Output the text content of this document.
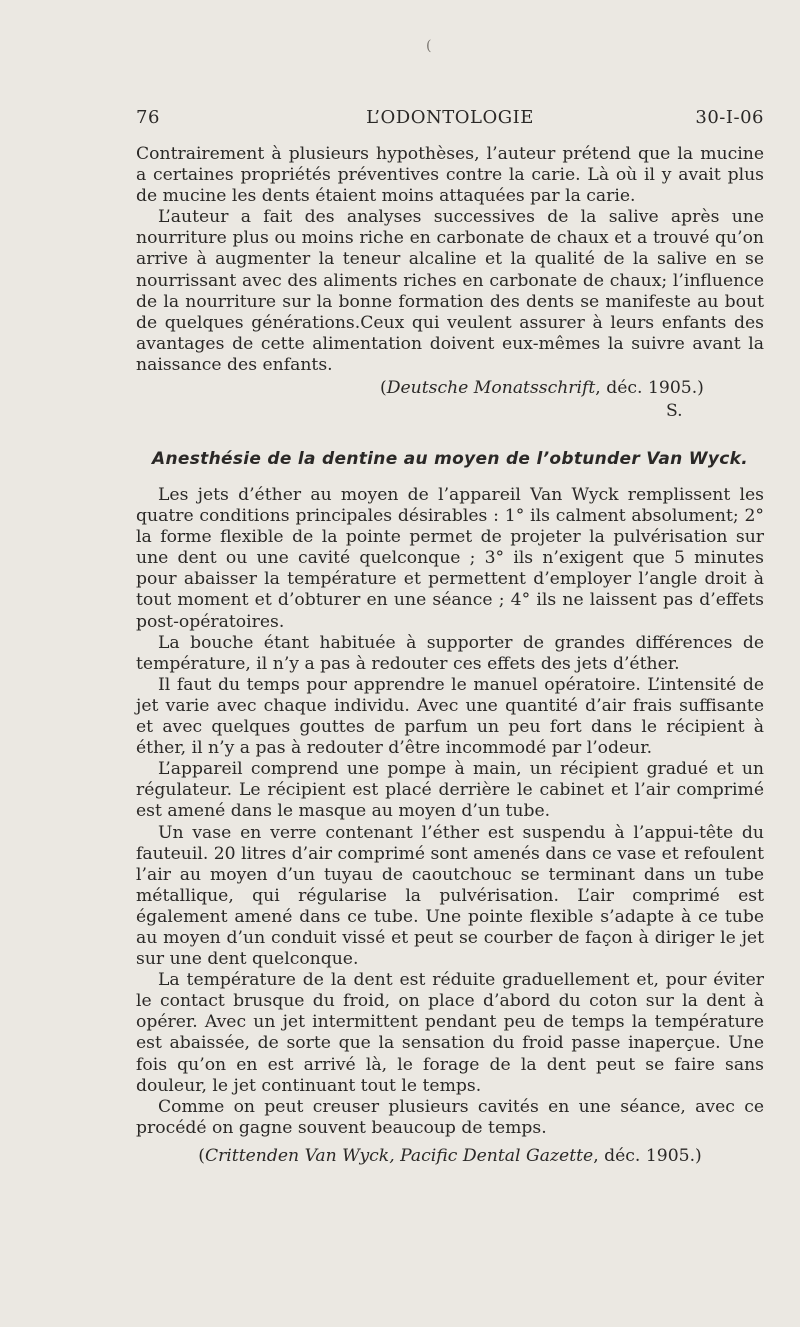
(
L’ODONTOLOGIE
76	30-I-06

Contrairement à plusieurs hypothèses, l’auteur prétend que la mucine a certaines propriétés préventives contre la carie. Là où il y avait plus de mucine les dents étaient moins attaquées par la carie.

L’auteur a fait des analyses successives de la salive après une nourriture plus ou moins riche en carbonate de chaux et a trouvé qu’on arrive à augmenter la teneur alcaline et la qualité de la salive en se nourrissant avec des aliments riches en carbonate de chaux; l’influence de la nourriture sur la bonne formation des dents se manifeste au bout de quelques générations.Ceux qui veulent assurer à leurs enfants des avantages de cette alimentation doivent eux-mêmes la suivre avant la naissance des enfants.

(Deutsche Monatsschrift, déc. 1905.)
S.
Anesthésie de la dentine au moyen de l’obtunder Van Wyck.

Les jets d’éther au moyen de l’appareil Van Wyck remplissent les quatre conditions principales désirables : 1° ils calment absolument; 2° la forme flexible de la pointe permet de projeter la pulvérisation sur une dent ou une cavité quelconque ; 3° ils n’exigent que 5 minutes pour abaisser la température et permettent d’employer l’angle droit à tout moment et d’obturer en une séance ; 4° ils ne laissent pas d’effets post-opératoires.

La bouche étant habituée à supporter de grandes différences de température, il n’y a pas à redouter ces effets des jets d’éther.

Il faut du temps pour apprendre le manuel opératoire. L’intensité de jet varie avec chaque individu. Avec une quantité d’air frais suffisante et avec quelques gouttes de parfum un peu fort dans le récipient à éther, il n’y a pas à redouter d’être incommodé par l’odeur.

L’appareil comprend une pompe à main, un récipient gradué et un régulateur. Le récipient est placé derrière le cabinet et l’air comprimé est amené dans le masque au moyen d’un tube.

Un vase en verre contenant l’éther est suspendu à l’appui-tête du fauteuil. 20 litres d’air comprimé sont amenés dans ce vase et refoulent l’air au moyen d’un tuyau de caoutchouc se terminant dans un tube métallique, qui régularise la pulvérisation. L’air comprimé est également amené dans ce tube. Une pointe flexible s’adapte à ce tube au moyen d’un conduit vissé et peut se courber de façon à diriger le jet sur une dent quelconque.

La température de la dent est réduite graduellement et, pour éviter le contact brusque du froid, on place d’abord du coton sur la dent à opérer. Avec un jet intermittent pendant peu de temps la température est abaissée, de sorte que la sensation du froid passe inaperçue. Une fois qu’on en est arrivé là, le forage de la dent peut se faire sans douleur, le jet continuant tout le temps.

Comme on peut creuser plusieurs cavités en une séance, avec ce procédé on gagne souvent beaucoup de temps.

(Crittenden Van Wyck, Pacific Dental Gazette, déc. 1905.)
